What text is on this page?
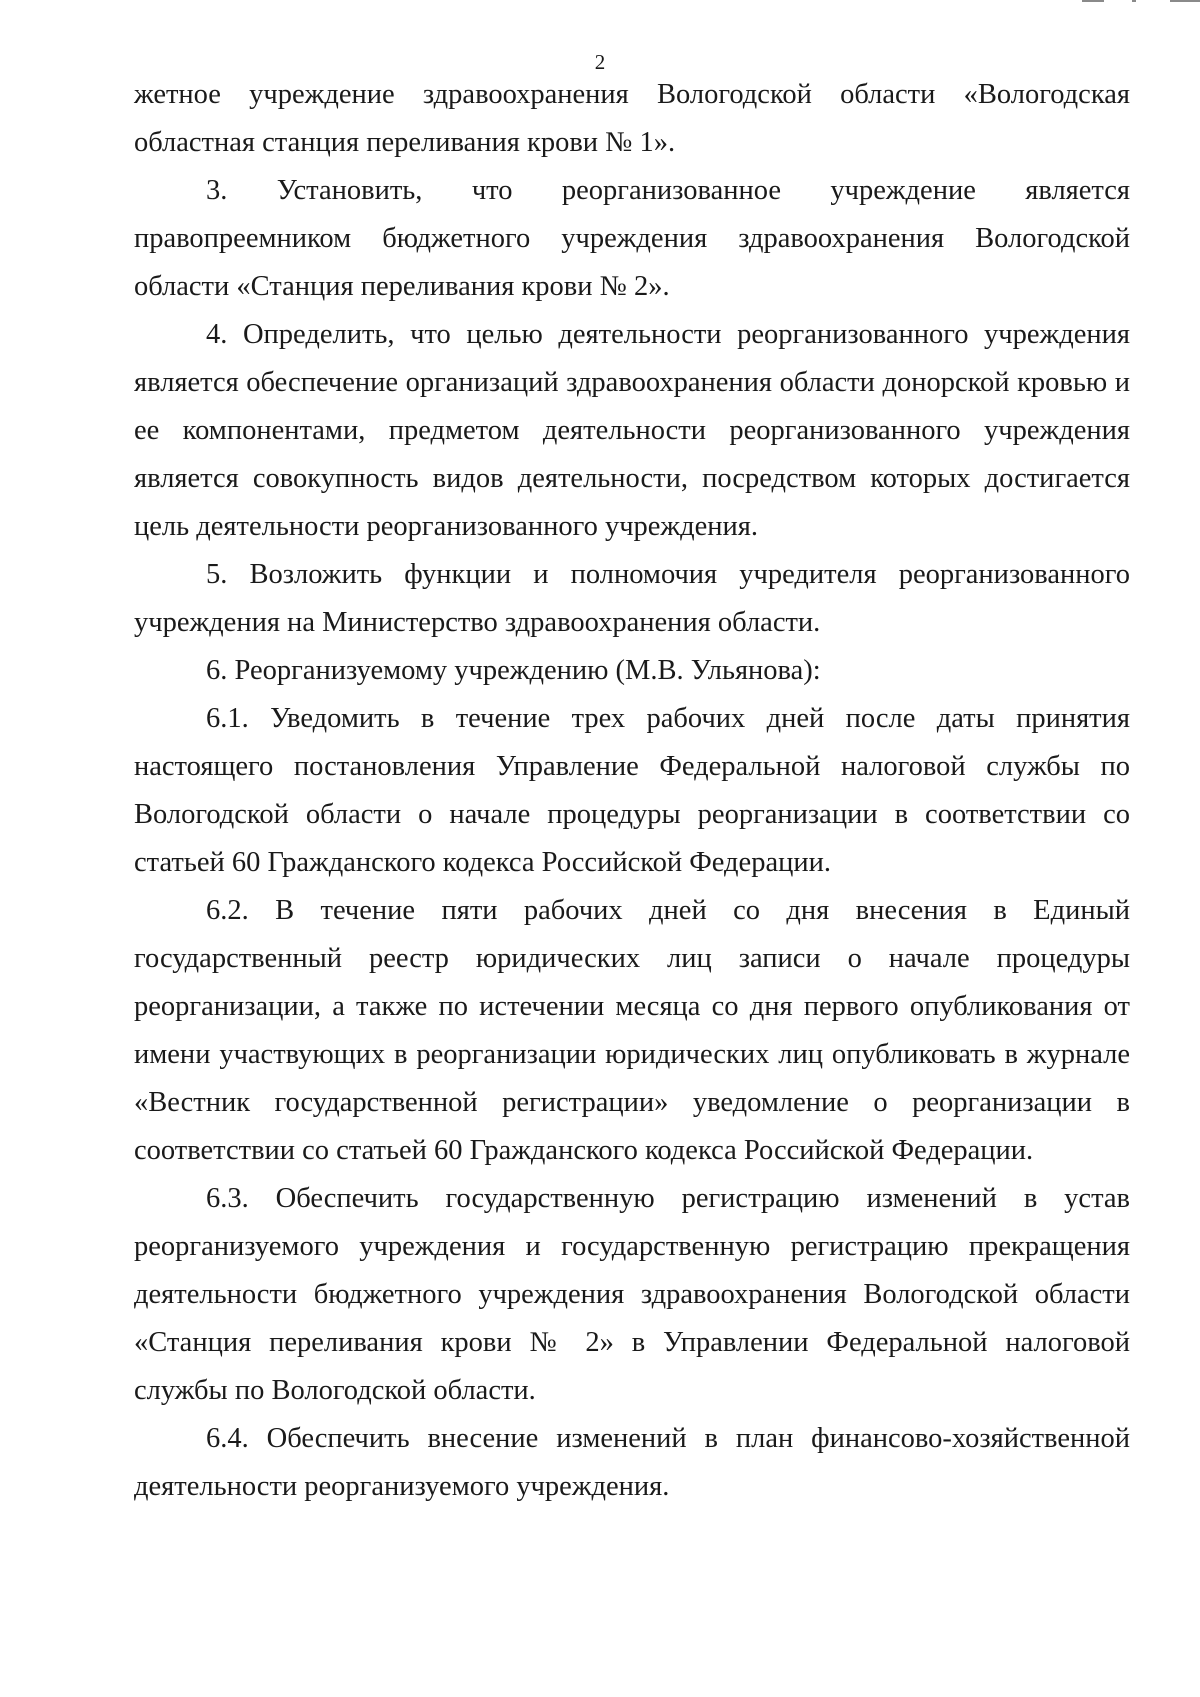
2

жетное учреждение здравоохранения Вологодской области «Вологодская областная станция переливания крови № 1».

3. Установить, что реорганизованное учреждение является правопреемником бюджетного учреждения здравоохранения Вологодской области «Станция переливания крови № 2».

4. Определить, что целью деятельности реорганизованного учреждения является обеспечение организаций здравоохранения области донорской кровью и ее компонентами, предметом деятельности реорганизованного учреждения является совокупность видов деятельности, посредством которых достигается цель деятельности реорганизованного учреждения.

5. Возложить функции и полномочия учредителя реорганизованного учреждения на Министерство здравоохранения области.

6. Реорганизуемому учреждению (М.В. Ульянова):

6.1. Уведомить в течение трех рабочих дней после даты принятия настоящего постановления Управление Федеральной налоговой службы по Вологодской области о начале процедуры реорганизации в соответствии со статьей 60 Гражданского кодекса Российской Федерации.

6.2. В течение пяти рабочих дней со дня внесения в Единый государственный реестр юридических лиц записи о начале процедуры реорганизации, а также по истечении месяца со дня первого опубликования от имени участвующих в реорганизации юридических лиц опубликовать в журнале «Вестник государственной регистрации» уведомление о реорганизации в соответствии со статьей 60 Гражданского кодекса Российской Федерации.

6.3. Обеспечить государственную регистрацию изменений в устав реорганизуемого учреждения и государственную регистрацию прекращения деятельности бюджетного учреждения здравоохранения Вологодской области «Станция переливания крови № 2» в Управлении Федеральной налоговой службы по Вологодской области.

6.4. Обеспечить внесение изменений в план финансово-хозяйственной деятельности реорганизуемого учреждения.
